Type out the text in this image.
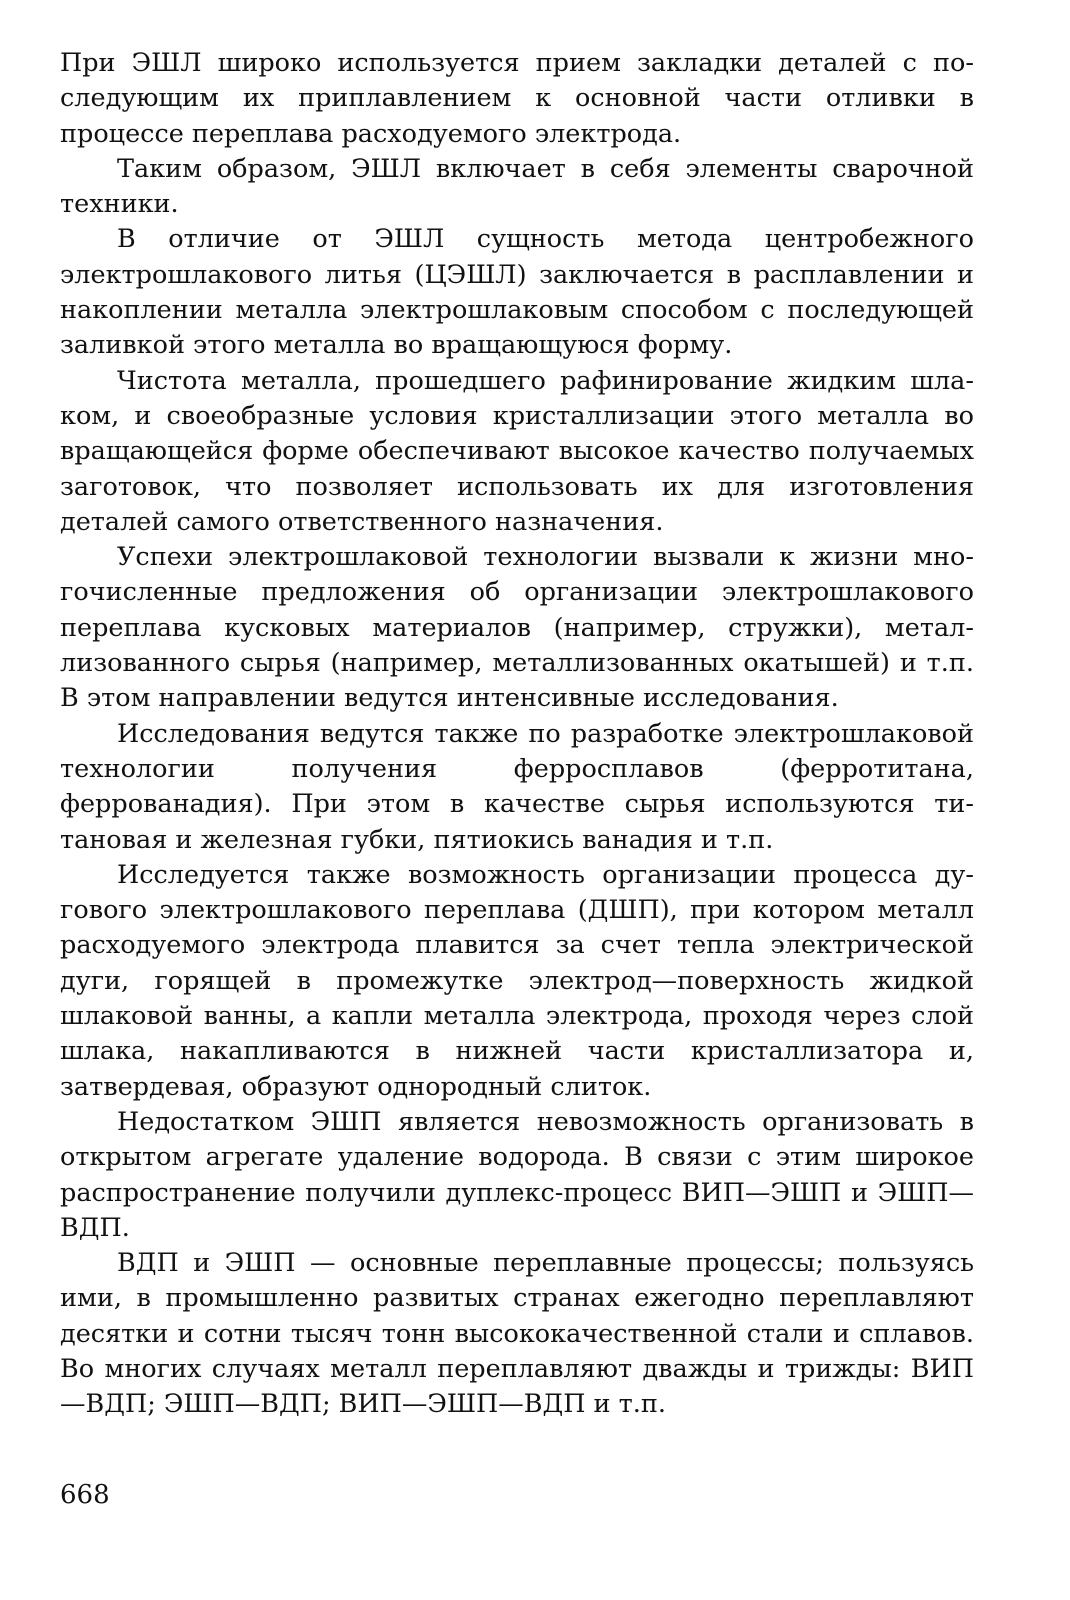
При ЭШЛ широко используется прием закладки деталей с последующим их приплавлением к основной части отливки в процессе переплава расходуемого электрода.

Таким образом, ЭШЛ включает в себя элементы сварочной техники.

В отличие от ЭШЛ сущность метода центробежного электрошлакового литья (ЦЭШЛ) заключается в расплавлении и накоплении металла электрошлаковым способом с последующей заливкой этого металла во вращающуюся форму.

Чистота металла, прошедшего рафинирование жидким шлаком, и своеобразные условия кристаллизации этого металла во вращающейся форме обеспечивают высокое качество получаемых заготовок, что позволяет использовать их для изготовления деталей самого ответственного назначения.

Успехи электрошлаковой технологии вызвали к жизни многочисленные предложения об организации электрошлакового переплава кусковых материалов (например, стружки), металлизованного сырья (например, металлизованных окатышей) и т.п. В этом направлении ведутся интенсивные исследования.

Исследования ведутся также по разработке электрошлаковой технологии получения ферросплавов (ферротитана, феррованадия). При этом в качестве сырья используются титановая и железная губки, пятиокись ванадия и т.п.

Исследуется также возможность организации процесса дугового электрошлакового переплава (ДШП), при котором металл расходуемого электрода плавится за счет тепла электрической дуги, горящей в промежутке электрод—поверхность жидкой шлаковой ванны, а капли металла электрода, проходя через слой шлака, накапливаются в нижней части кристаллизатора и, затвердевая, образуют однородный слиток.

Недостатком ЭШП является невозможность организовать в открытом агрегате удаление водорода. В связи с этим широкое распространение получили дуплекс-процесс ВИП—ЭШП и ЭШП—ВДП.

ВДП и ЭШП — основные переплавные процессы; пользуясь ими, в промышленно развитых странах ежегодно переплавляют десятки и сотни тысяч тонн высококачественной стали и сплавов. Во многих случаях металл переплавляют дважды и трижды: ВИП—ВДП; ЭШП—ВДП; ВИП—ЭШП—ВДП и т.п.

668
